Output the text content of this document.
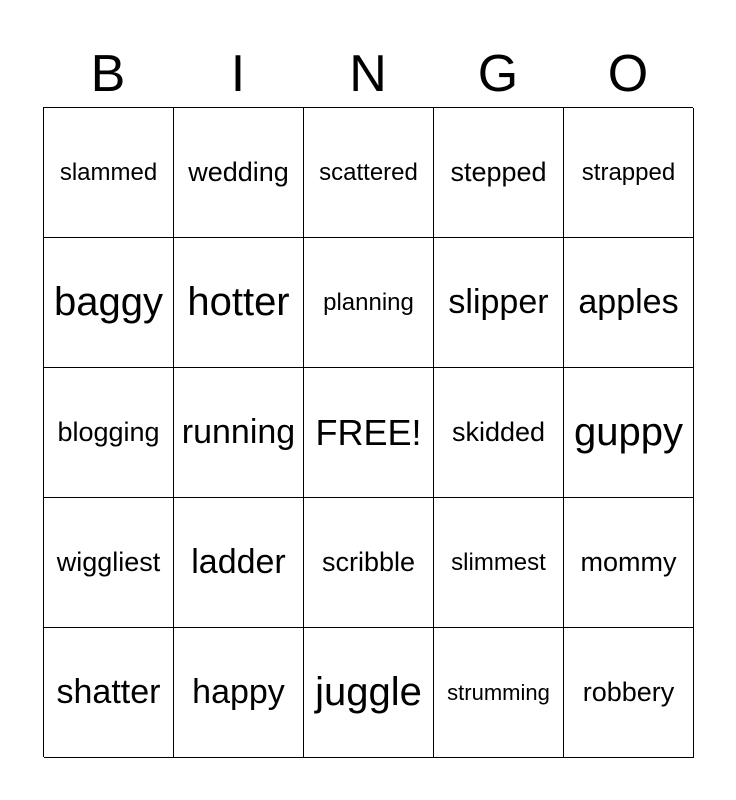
B	I	N	G	O
slammed wedding scattered stepped strapped
baggy hotter planning slipper apples
blogging running FREE! skidded guppy
wiggliest ladder scribble slimmest mommy
shatter happy juggle strumming robbery
